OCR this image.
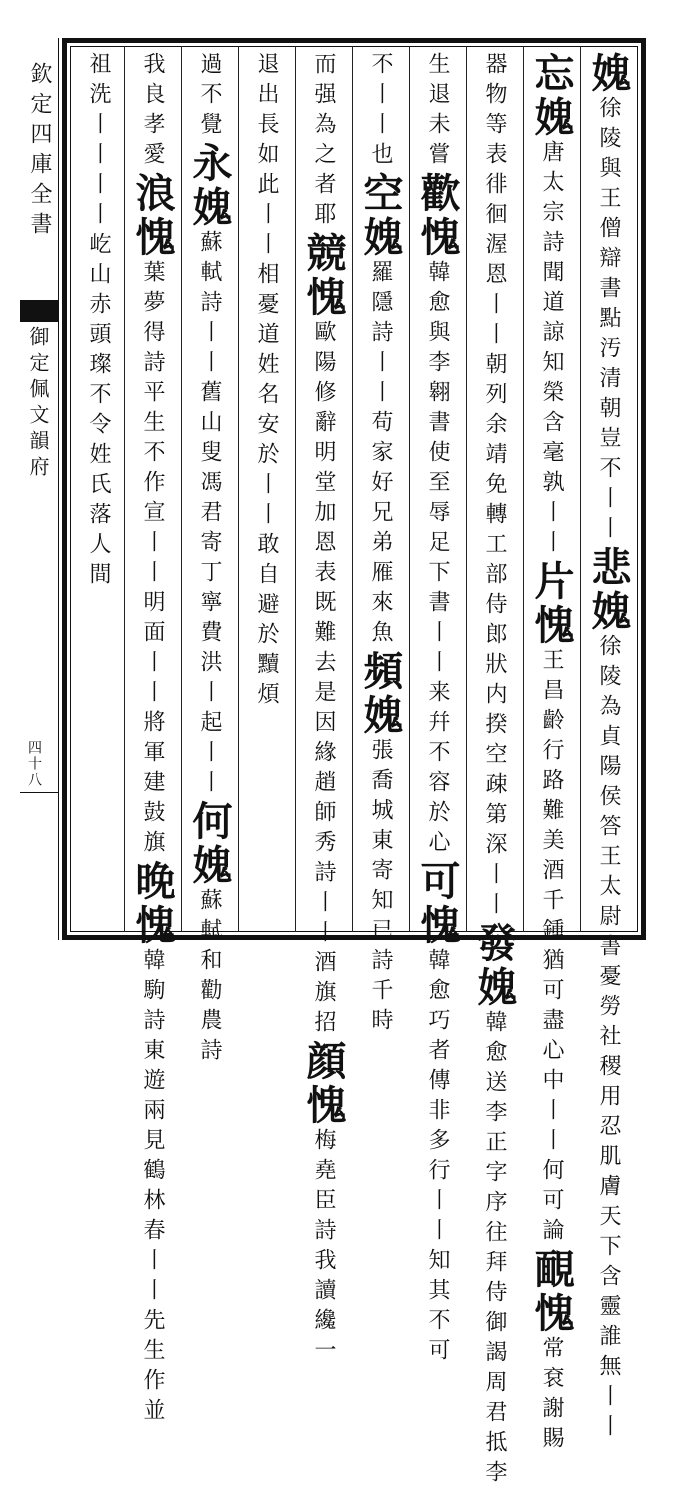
欽定四庫全書
御定佩文韻府
四十八
媿徐陵與王僧辯書點汚清朝豈不丨丨悲媿徐陵為貞陽侯答王太尉書憂勞社稷用忍肌膚天下含靈誰無丨丨
忘媿唐太宗詩聞道諒知榮含毫孰丨丨片愧王昌齡行路難美酒千鍾猶可盡心中丨丨何可論靦愧常袞謝賜
器物等表徘徊渥恩丨丨朝列余靖免轉工部侍郎狀内揆空疎第深丨丨發媿韓愈送李正字序往拜侍御謁周君抵李
生退未嘗歡愧韓愈與李翱書使至辱足下書丨丨来幷不容於心可愧韓愈巧者傳非多行丨丨知其不可
不丨丨也空媿羅隱詩丨丨苟家好兄弟雁來魚頻媿張喬城東寄知已詩千時
而强為之者耶競愧歐陽修辭明堂加恩表既難去是因緣趙師秀詩丨丨酒旗招顔愧梅堯臣詩我讀纔一
退出長如此丨丨相憂道姓名安於丨丨敢自避於黷煩
過不覺永媿蘇軾詩丨丨舊山叟馮君寄丁寧費洪丨起丨丨何媿蘇軾和勸農詩
我良孝愛浪愧葉夢得詩平生不作宣丨丨明面丨丨將軍建鼓旗晚愧韓駒詩東遊兩見鶴林春丨丨先生作並
祖洗丨丨丨丨屹山赤頭璨不令姓氏落人間
